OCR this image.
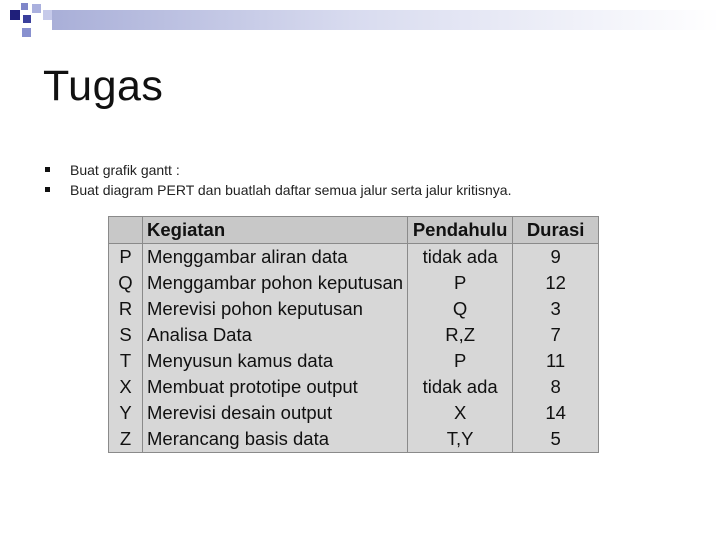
Tugas
Buat grafik gantt :
Buat diagram PERT dan buatlah daftar semua jalur serta jalur kritisnya.
	Kegiatan	Pendahulu	Durasi
P	Menggambar aliran data	tidak ada	9
Q	Menggambar pohon keputusan	P	12
R	Merevisi pohon keputusan	Q	3
S	Analisa Data	R,Z	7
T	Menyusun kamus data	P	11
X	Membuat prototipe output	tidak ada	8
Y	Merevisi desain output	X	14
Z	Merancang basis data	T,Y	5
